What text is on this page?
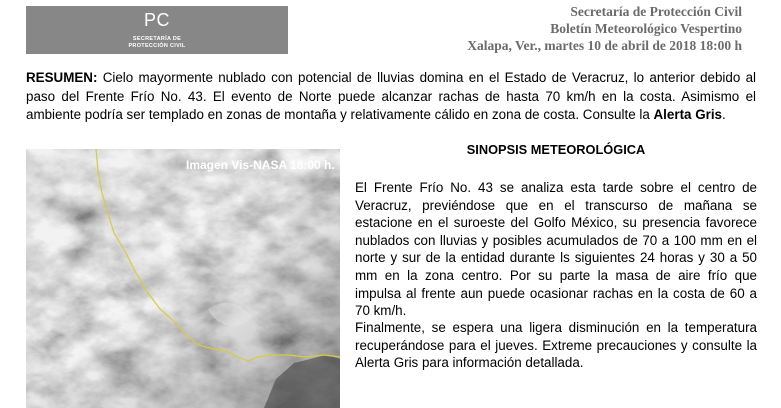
PC
SECRETARÍA DE
PROTECCIÓN CIVIL
Secretaría de Protección Civil
Boletín Meteorológico Vespertino
Xalapa, Ver., martes 10 de abril de 2018 18:00 h
RESUMEN: Cielo mayormente nublado con potencial de lluvias domina en el Estado de Veracruz, lo anterior debido al paso del Frente Frío No. 43. El evento de Norte puede alcanzar rachas de hasta 70 km/h en la costa. Asimismo el ambiente podría ser templado en zonas de montaña y relativamente cálido en zona de costa. Consulte la Alerta Gris.
Imagen Vis-NASA 18:00 h.
SINOPSIS METEOROLÓGICA
El Frente Frío No. 43 se analiza esta tarde sobre el centro de Veracruz, previéndose que en el transcurso de mañana se estacione en el suroeste del Golfo México, su presencia favorece nublados con lluvias y posibles acumulados de 70 a 100 mm en el norte y sur de la entidad durante ls siguientes 24 horas y 30 a 50 mm en la zona centro. Por su parte la masa de aire frío que impulsa al frente aun puede ocasionar rachas en la costa de 60 a 70 km/h.
Finalmente, se espera una ligera disminución en la temperatura recuperándose para el jueves. Extreme precauciones y consulte la Alerta Gris para información detallada.
